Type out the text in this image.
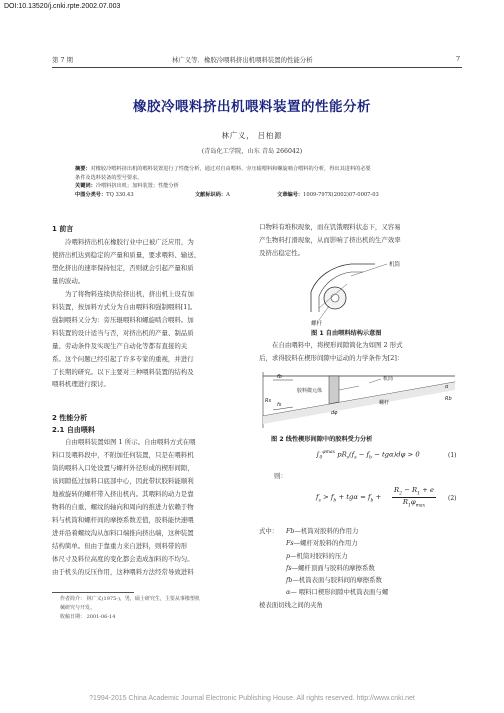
DOI:10.13520/j.cnki.rpte.2002.07.003
第 7 期	林广义等．橡胶冷喂料挤出机喂料装置的性能分析	7
橡胶冷喂料挤出机喂料装置的性能分析
林广义， 吕柏源
(青岛化工学院，山东 青岛 266042)
摘要：对橡胶冷喂料挤出机的喂料装置进行了性能分析，通过对自由喂料、旁压辊喂料和螺旋啮合喂料的分析，得出其进料的必要
条件及选料装备的型号要求。
关键词：冷喂料挤出机；加料装置；性能分析
中图分类号：TQ 330.43	文献标识码：A	文章编号：1009-797X(2002)07-0007-03
1 前言
冷喂料挤出机在橡胶行业中已被广泛应用，为
使挤出机达到稳定的产量和质量，要求喂料、输送、
塑化挤出的速率保持恒定，否则就会引起产量和质
量的波动。
为了将物料连续供给挤出机，挤出机上设有加
料装置，按加料方式分为自由喂料和强制喂料[1]。
强制喂料又分为：旁压辊喂料和螺旋啮合喂料。加
料装置的设计适当与否，对挤出机的产量、制品质
量、劳动条件及实现生产自动化等都有直接的关
系。这个问题已经引起了许多专家的重视，并进行
了长期的研究。以下主要对三种喂料装置的结构及
喂料机理进行探讨。
2 性能分析
2.1 自由喂料
自由喂料装置如图 1 所示。自由喂料方式在喂
料口及喂料段中，不附加任何装置，只是在喂料机
筒的喂料入口处设置与螺杆外径形成的楔形间隙，
该间隙低过加料口底部中心，因此带状胶料能顺利
地被旋转的螺杆带入挤出机内。其喂料的动力是靠
物料的自重、螺纹的轴向和周向的推进力依赖于物
料与机筒和螺杆间的摩擦系数差值，胶料能快速喂
进并沿着螺纹沟从加料口端推向挤出端，这种装置
结构简单。但由于靠重力来自进料，则料带的形
体尺寸及料位高度的变化都会造成加料的不均匀。
由于机头的反压作用，这种喂料方法经常导致进料
作者简介： 林广义(1975-)，男，硕士研究生，主要从事橡塑机
械研究与开发。
收稿日期： 2001-06-14
口物料有堆积现象，而在饥饿喂料状态下，又容易
产生物料打滑现象，从而影响了挤出机的生产效率
及挤出稳定性。
机筒
螺杆
图 1 自由喂料结构示意图
在自由喂料中，将楔形间隙简化为如图 2 形式
后，求得胶料在楔形间隙中运动的力学条件为[2]：
机筒
胶料微元体
螺杆
fb
fs
α
Rs	Rb
dφ
图 2 线性楔形间隙中的胶料受力分析
$\int_0^{\varphi max}$ $pR_s(f_s - f_b - tg\alpha)d\varphi > 0$	(1)
则：
$f_s > f_b + tg\alpha = f_b$ +
$R_2 - R_1 + e$
$R_1\varphi_{max}$
(2)
式中： Fb—机筒对胶料的作用力
Fs—螺杆对胶料的作用力
p—机筒对胶料的压力
fs—螺杆顶面与胶料的摩擦系数
fb—机筒表面与胶料间的摩擦系数
α— 喂料口楔形间隙中机筒表面与螺
棱表面切线之间的夹角
?1994-2015 China Academic Journal Electronic Publishing House. All rights reserved. http://www.cnki.net
